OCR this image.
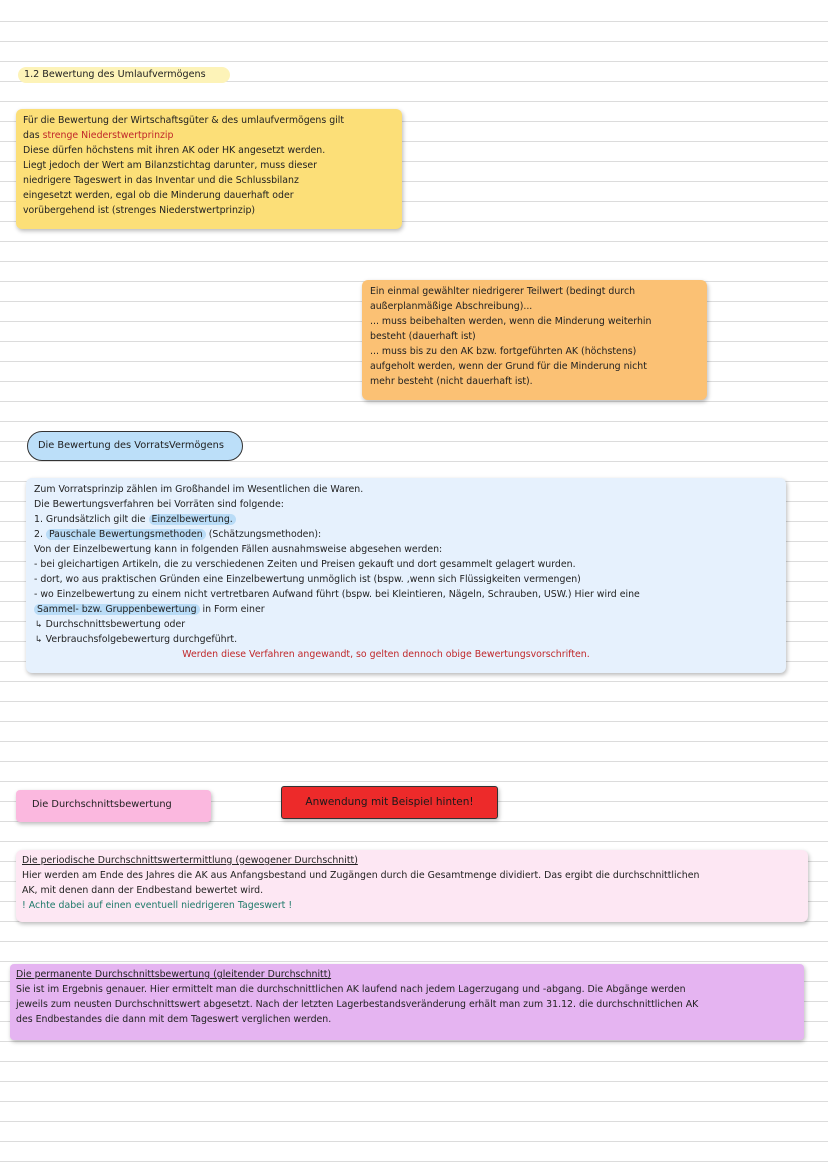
1.2 Bewertung des Umlaufvermögens
Für die Bewertung der Wirtschaftsgüter & des umlaufvermögens gilt
das strenge Niederstwertprinzip
Diese dürfen höchstens mit ihren AK oder HK angesetzt werden.
Liegt jedoch der Wert am Bilanzstichtag darunter, muss dieser
niedrigere Tageswert in das Inventar und die Schlussbilanz
eingesetzt werden, egal ob die Minderung dauerhaft oder
vorübergehend ist (strenges Niederstwertprinzip)
Ein einmal gewählter niedrigerer Teilwert (bedingt durch
außerplanmäßige Abschreibung)...
... muss beibehalten werden, wenn die Minderung weiterhin
besteht (dauerhaft ist)
... muss bis zu den AK bzw. fortgeführten AK (höchstens)
aufgeholt werden, wenn der Grund für die Minderung nicht
mehr besteht (nicht dauerhaft ist).
Die Bewertung des VorratsVermögens
Zum Vorratsprinzip zählen im Großhandel im Wesentlichen die Waren.
Die Bewertungsverfahren bei Vorräten sind folgende:
1. Grundsätzlich gilt die Einzelbewertung.
2. Pauschale Bewertungsmethoden (Schätzungsmethoden):
Von der Einzelbewertung kann in folgenden Fällen ausnahmsweise abgesehen werden:
- bei gleichartigen Artikeln, die zu verschiedenen Zeiten und Preisen gekauft und dort gesammelt gelagert wurden.
- dort, wo aus praktischen Gründen eine Einzelbewertung unmöglich ist (bspw. ,wenn sich Flüssigkeiten vermengen)
- wo Einzelbewertung zu einem nicht vertretbaren Aufwand führt (bspw. bei Kleintieren, Nägeln, Schrauben, USW.) Hier wird eine
Sammel- bzw. Gruppenbewertung in Form einer
↳ Durchschnittsbewertung oder
↳ Verbrauchsfolgebewerturg durchgeführt.
Werden diese Verfahren angewandt, so gelten dennoch obige Bewertungsvorschriften.
Die Durchschnittsbewertung	Anwendung mit Beispiel hinten!
Die periodische Durchschnittswertermittlung (gewogener Durchschnitt)
Hier werden am Ende des Jahres die AK aus Anfangsbestand und Zugängen durch die Gesamtmenge dividiert. Das ergibt die durchschnittlichen
AK, mit denen dann der Endbestand bewertet wird.
! Achte dabei auf einen eventuell niedrigeren Tageswert !
Die permanente Durchschnittsbewertung (gleitender Durchschnitt)
Sie ist im Ergebnis genauer. Hier ermittelt man die durchschnittlichen AK laufend nach jedem Lagerzugang und -abgang. Die Abgänge werden
jeweils zum neusten Durchschnittswert abgesetzt. Nach der letzten Lagerbestandsveränderung erhält man zum 31.12. die durchschnittlichen AK
des Endbestandes die dann mit dem Tageswert verglichen werden.
